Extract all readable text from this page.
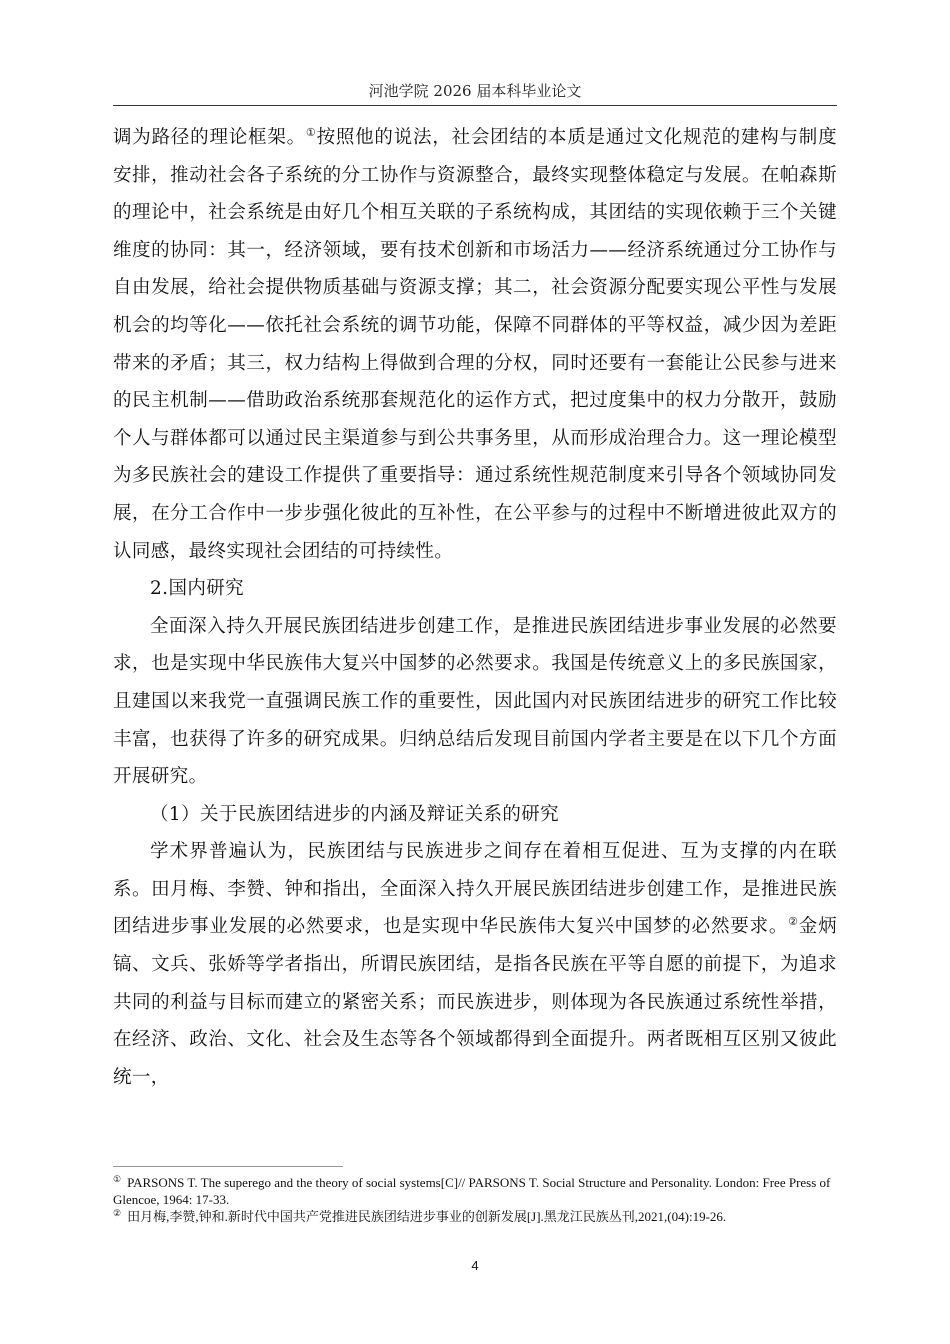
河池学院 2026 届本科毕业论文

调为路径的理论框架。①按照他的说法，社会团结的本质是通过文化规范的建构与制度安排，推动社会各子系统的分工协作与资源整合，最终实现整体稳定与发展。在帕森斯的理论中，社会系统是由好几个相互关联的子系统构成，其团结的实现依赖于三个关键维度的协同：其一，经济领域，要有技术创新和市场活力——经济系统通过分工协作与自由发展，给社会提供物质基础与资源支撑；其二，社会资源分配要实现公平性与发展机会的均等化——依托社会系统的调节功能，保障不同群体的平等权益，减少因为差距带来的矛盾；其三，权力结构上得做到合理的分权，同时还要有一套能让公民参与进来的民主机制——借助政治系统那套规范化的运作方式，把过度集中的权力分散开，鼓励个人与群体都可以通过民主渠道参与到公共事务里，从而形成治理合力。这一理论模型为多民族社会的建设工作提供了重要指导：通过系统性规范制度来引导各个领域协同发展，在分工合作中一步步强化彼此的互补性，在公平参与的过程中不断增进彼此双方的认同感，最终实现社会团结的可持续性。

2.国内研究

全面深入持久开展民族团结进步创建工作，是推进民族团结进步事业发展的必然要求，也是实现中华民族伟大复兴中国梦的必然要求。我国是传统意义上的多民族国家，且建国以来我党一直强调民族工作的重要性，因此国内对民族团结进步的研究工作比较丰富，也获得了许多的研究成果。归纳总结后发现目前国内学者主要是在以下几个方面开展研究。

（1）关于民族团结进步的内涵及辩证关系的研究

学术界普遍认为，民族团结与民族进步之间存在着相互促进、互为支撑的内在联系。田月梅、李赞、钟和指出，全面深入持久开展民族团结进步创建工作，是推进民族团结进步事业发展的必然要求，也是实现中华民族伟大复兴中国梦的必然要求。②金炳镐、文兵、张娇等学者指出，所谓民族团结，是指各民族在平等自愿的前提下，为追求共同的利益与目标而建立的紧密关系；而民族进步，则体现为各民族通过系统性举措，在经济、政治、文化、社会及生态等各个领域都得到全面提升。两者既相互区别又彼此统一，

① PARSONS T. The superego and the theory of social systems[C]// PARSONS T. Social Structure and Personality. London: Free Press of Glencoe, 1964: 17-33.

② 田月梅,李赞,钟和.新时代中国共产党推进民族团结进步事业的创新发展[J].黑龙江民族丛刊,2021,(04):19-26.

4
